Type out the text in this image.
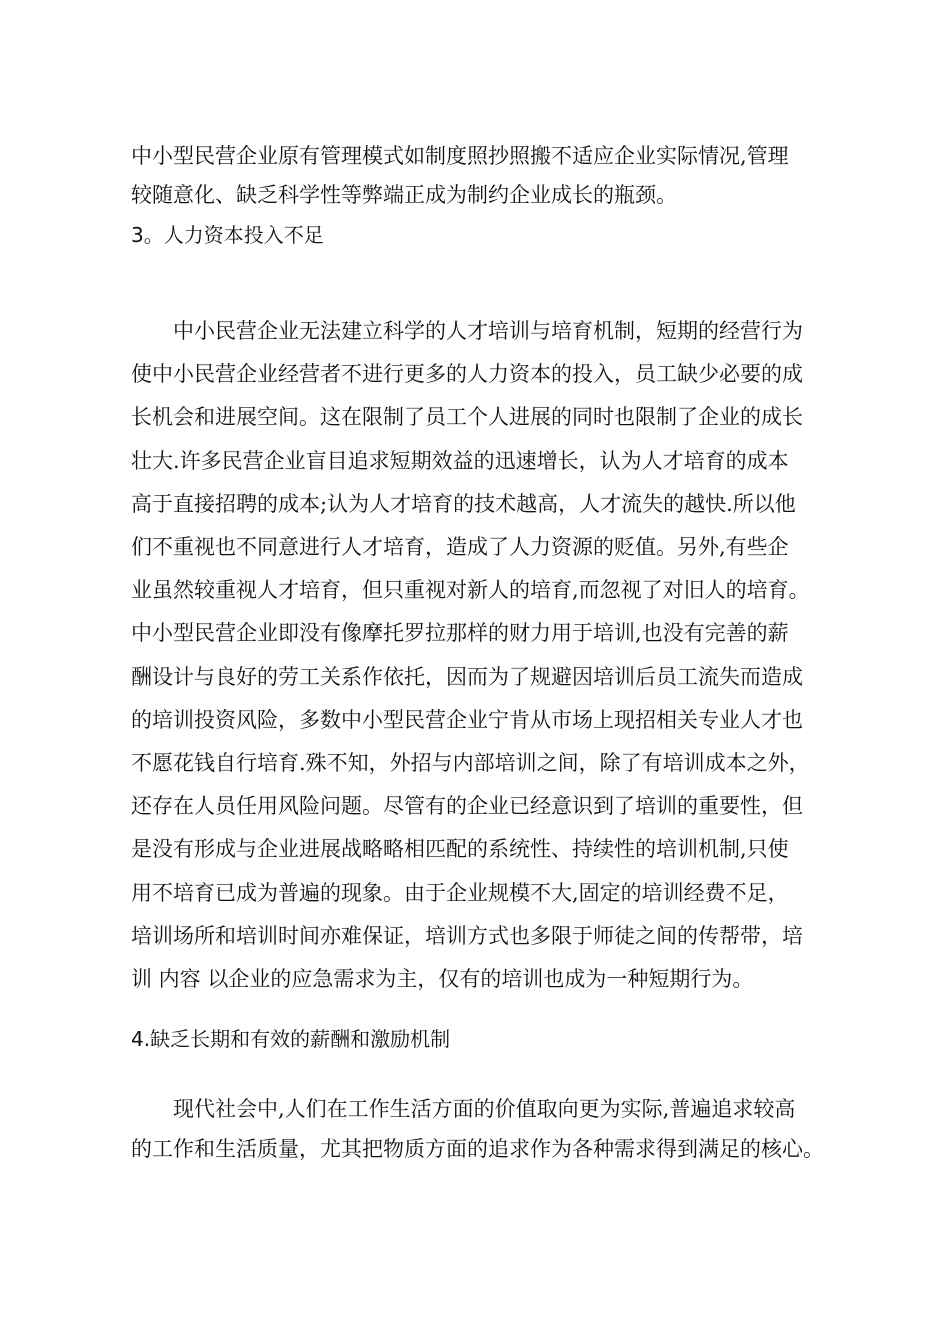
中小型民营企业原有管理模式如制度照抄照搬不适应企业实际情况,管理
较随意化、缺乏科学性等弊端正成为制约企业成长的瓶颈。
3。人力资本投入不足
中小民营企业无法建立科学的人才培训与培育机制，短期的经营行为
使中小民营企业经营者不进行更多的人力资本的投入，员工缺少必要的成
长机会和进展空间。这在限制了员工个人进展的同时也限制了企业的成长
壮大.许多民营企业盲目追求短期效益的迅速增长，认为人才培育的成本
高于直接招聘的成本;认为人才培育的技术越高，人才流失的越快.所以他
们不重视也不同意进行人才培育，造成了人力资源的贬值。另外,有些企
业虽然较重视人才培育，但只重视对新人的培育,而忽视了对旧人的培育。
中小型民营企业即没有像摩托罗拉那样的财力用于培训,也没有完善的薪
酬设计与良好的劳工关系作依托，因而为了规避因培训后员工流失而造成
的培训投资风险，多数中小型民营企业宁肯从市场上现招相关专业人才也
不愿花钱自行培育.殊不知，外招与内部培训之间，除了有培训成本之外，
还存在人员任用风险问题。尽管有的企业已经意识到了培训的重要性，但
是没有形成与企业进展战略略相匹配的系统性、持续性的培训机制,只使
用不培育已成为普遍的现象。由于企业规模不大,固定的培训经费不足，
培训场所和培训时间亦难保证，培训方式也多限于师徒之间的传帮带，培
训 内容 以企业的应急需求为主，仅有的培训也成为一种短期行为。
4.缺乏长期和有效的薪酬和激励机制
现代社会中,人们在工作生活方面的价值取向更为实际,普遍追求较高
的工作和生活质量，尤其把物质方面的追求作为各种需求得到满足的核心。
